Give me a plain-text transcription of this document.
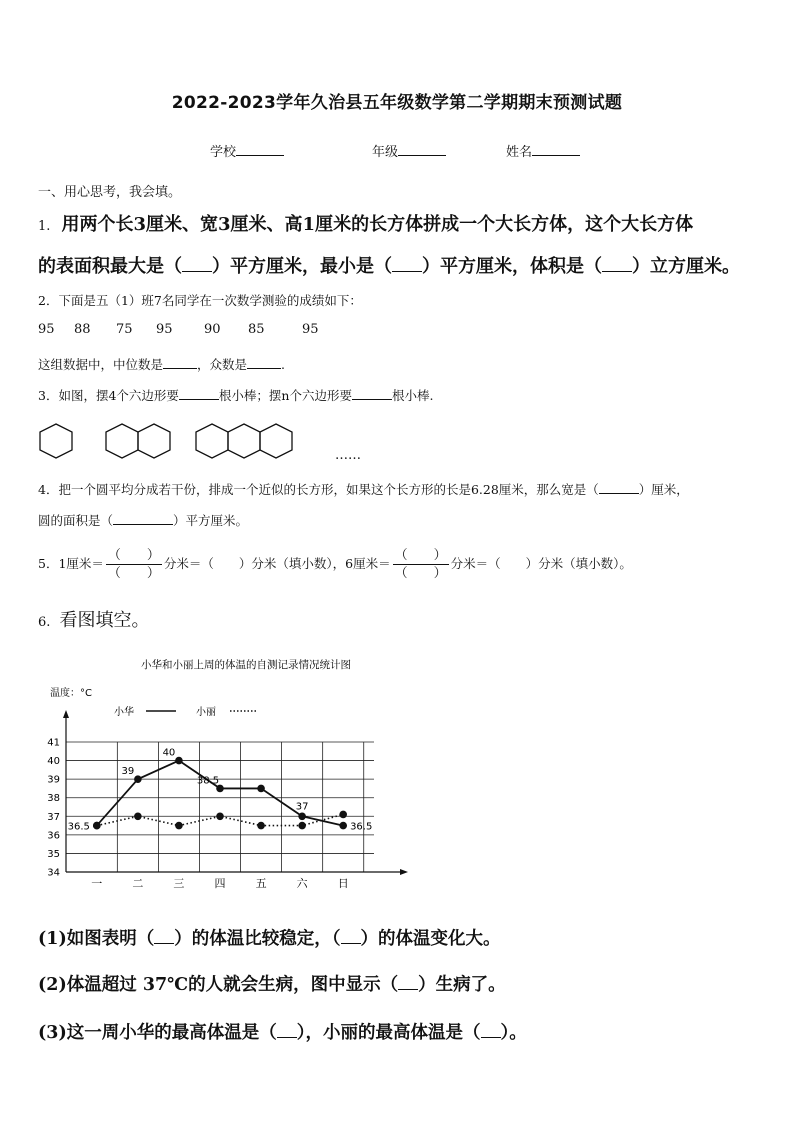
2022-2023学年久治县五年级数学第二学期期末预测试题
学校	年级	姓名
一、用心思考，我会填。
1. 用两个长3厘米、宽3厘米、高1厘米的长方体拼成一个大长方体，这个大长方体
的表面积最大是（ ）平方厘米，最小是（ ）平方厘米，体积是（ ）立方厘米。
2．下面是五（1）班7名同学在一次数学测验的成绩如下：
95 88 75 95 90 85	95
这组数据中，中位数是	，众数是	.
3．如图，摆4个六边形要	根小棒；摆n个六边形要	根小棒.
……
4．把一个圆平均分成若干份，排成一个近似的长方形，如果这个长方形的长是6.28厘米，那么宽是（	）厘米，
圆的面积是（	）平方厘米。
5．1厘米＝ $\frac{( )}{( )}$ 分米＝（　　）分米（填小数），6厘米＝ $\frac{( )}{( )}$ 分米＝（　　）分米（填小数）。
6. 看图填空。
小华和小丽上周的体温的自测记录情况统计图
温度：°C
小华	小丽
34
35
36
37
38
39
40
41
一	二	三	四	五	六	日
36.5
39
40
38.5
37
36.5
(1)如图表明（ ）的体温比较稳定，（ ）的体温变化大。
(2)体温超过 37℃的人就会生病，图中显示（ ）生病了。
(3)这一周小华的最高体温是（ ），小丽的最高体温是（ ）。
